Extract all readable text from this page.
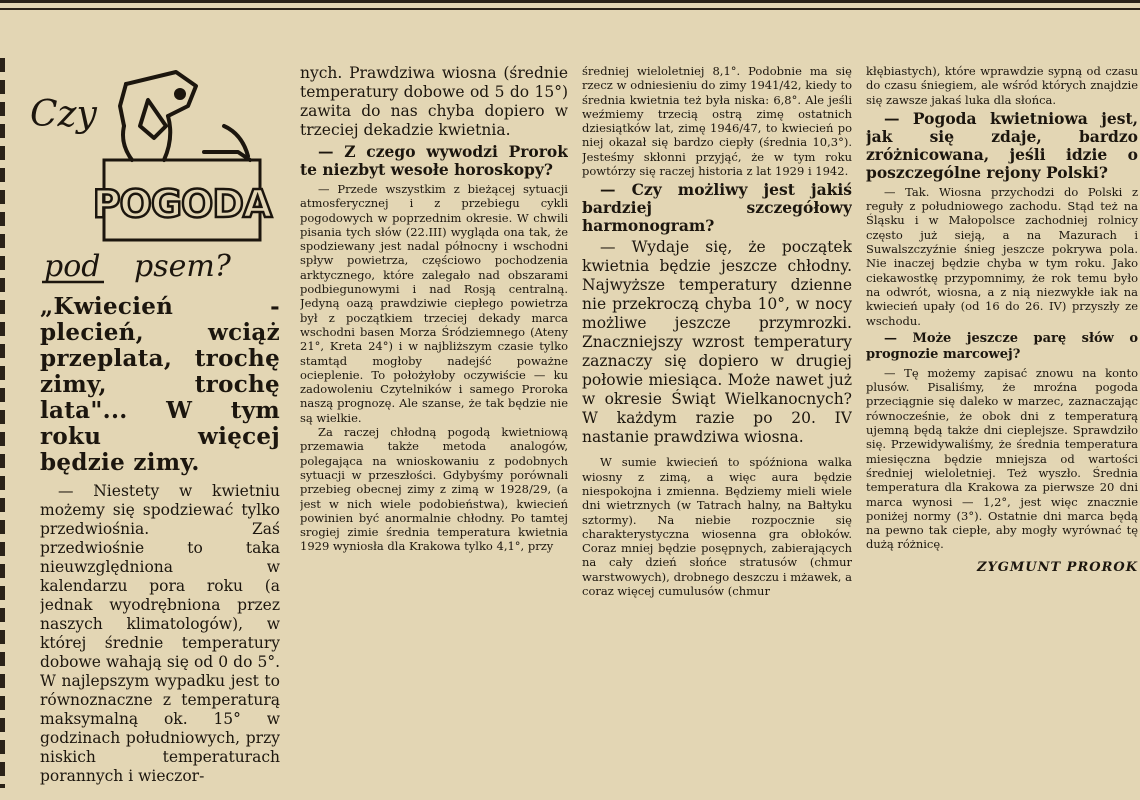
Czy
POGODA
pod psem?

„Kwiecień - plecień, wciąż przeplata, trochę zimy, trochę lata"... W tym roku więcej będzie zimy.

— Niestety w kwietniu możemy się spodziewać tylko przedwiośnia. Zaś przedwiośnie to taka nieuwzględniona w kalendarzu pora roku (a jednak wyodrębniona przez naszych klimatologów), w której średnie temperatury dobowe wahają się od 0 do 5°. W najlepszym wypadku jest to równoznaczne z temperaturą maksymalną ok. 15° w godzinach południowych, przy niskich temperaturach porannych i wieczor-

nych. Prawdziwa wiosna (średnie temperatury dobowe od 5 do 15°) zawita do nas chyba dopiero w trzeciej dekadzie kwietnia.

— Z czego wywodzi Prorok te niezbyt wesołe horoskopy?

— Przede wszystkim z bieżącej sytuacji atmosferycznej i z przebiegu cykli pogodowych w poprzednim okresie. W chwili pisania tych słów (22.III) wygląda ona tak, że spodziewany jest nadal północny i wschodni spływ powietrza, częściowo pochodzenia arktycznego, które zalegało nad obszarami podbiegunowymi i nad Rosją centralną. Jedyną oazą prawdziwie ciepłego powietrza był z początkiem trzeciej dekady marca wschodni basen Morza Śródziemnego (Ateny 21°, Kreta 24°) i w najbliższym czasie tylko stamtąd mogłoby nadejść poważne ocieplenie. To położyłoby oczywiście — ku zadowoleniu Czytelników i samego Proroka naszą prognozę. Ale szanse, że tak będzie nie są wielkie.

Za raczej chłodną pogodą kwietniową przemawia także metoda analogów, polegająca na wnioskowaniu z podobnych sytuacji w przeszłości. Gdybyśmy porównali przebieg obecnej zimy z zimą w 1928/29, (a jest w nich wiele podobieństwa), kwiecień powinien być anormalnie chłodny. Po tamtej srogiej zimie średnia temperatura kwietnia 1929 wyniosła dla Krakowa tylko 4,1°, przy

średniej wieloletniej 8,1°. Podobnie ma się rzecz w odniesieniu do zimy 1941/42, kiedy to średnia kwietnia też była niska: 6,8°. Ale jeśli weźmiemy trzecią ostrą zimę ostatnich dziesiątków lat, zimę 1946/47, to kwiecień po niej okazał się bardzo ciepły (średnia 10,3°). Jesteśmy skłonni przyjąć, że w tym roku powtórzy się raczej historia z lat 1929 i 1942.

— Czy możliwy jest jakiś bardziej szczegółowy harmonogram?

— Wydaje się, że początek kwietnia będzie jeszcze chłodny. Najwyższe temperatury dzienne nie przekroczą chyba 10°, w nocy możliwe jeszcze przymrozki. Znaczniejszy wzrost temperatury zaznaczy się dopiero w drugiej połowie miesiąca. Może nawet już w okresie Świąt Wielkanocnych? W każdym razie po 20. IV nastanie prawdziwa wiosna.

W sumie kwiecień to spóźniona walka wiosny z zimą, a więc aura będzie niespokojna i zmienna. Będziemy mieli wiele dni wietrznych (w Tatrach halny, na Bałtyku sztormy). Na niebie rozpocznie się charakterystyczna wiosenna gra obłoków. Coraz mniej będzie posępnych, zabierających na cały dzień słońce stratusów (chmur warstwowych), drobnego deszczu i mżawek, a coraz więcej cumulusów (chmur

kłębiastych), które wprawdzie sypną od czasu do czasu śniegiem, ale wśród których znajdzie się zawsze jakaś luka dla słońca.

— Pogoda kwietniowa jest, jak się zdaje, bardzo zróżnicowana, jeśli idzie o poszczególne rejony Polski?

— Tak. Wiosna przychodzi do Polski z reguły z południowego zachodu. Stąd też na Śląsku i w Małopolsce zachodniej rolnicy często już sieją, a na Mazurach i Suwalszczyźnie śnieg jeszcze pokrywa pola. Nie inaczej będzie chyba w tym roku. Jako ciekawostkę przypomnimy, że rok temu było na odwrót, wiosna, a z nią niezwykłe iak na kwiecień upały (od 16 do 26. IV) przyszły ze wschodu.

— Może jeszcze parę słów o prognozie marcowej?

— Tę możemy zapisać znowu na konto plusów. Pisaliśmy, że mroźna pogoda przeciągnie się daleko w marzec, zaznaczając równocześnie, że obok dni z temperaturą ujemną będą także dni cieplejsze. Sprawdziło się. Przewidywaliśmy, że średnia temperatura miesięczna będzie mniejsza od wartości średniej wieloletniej. Też wyszło. Średnia temperatura dla Krakowa za pierwsze 20 dni marca wynosi — 1,2°, jest więc znacznie poniżej normy (3°). Ostatnie dni marca będą na pewno tak ciepłe, aby mogły wyrównać tę dużą różnicę.

ZYGMUNT PROROK
